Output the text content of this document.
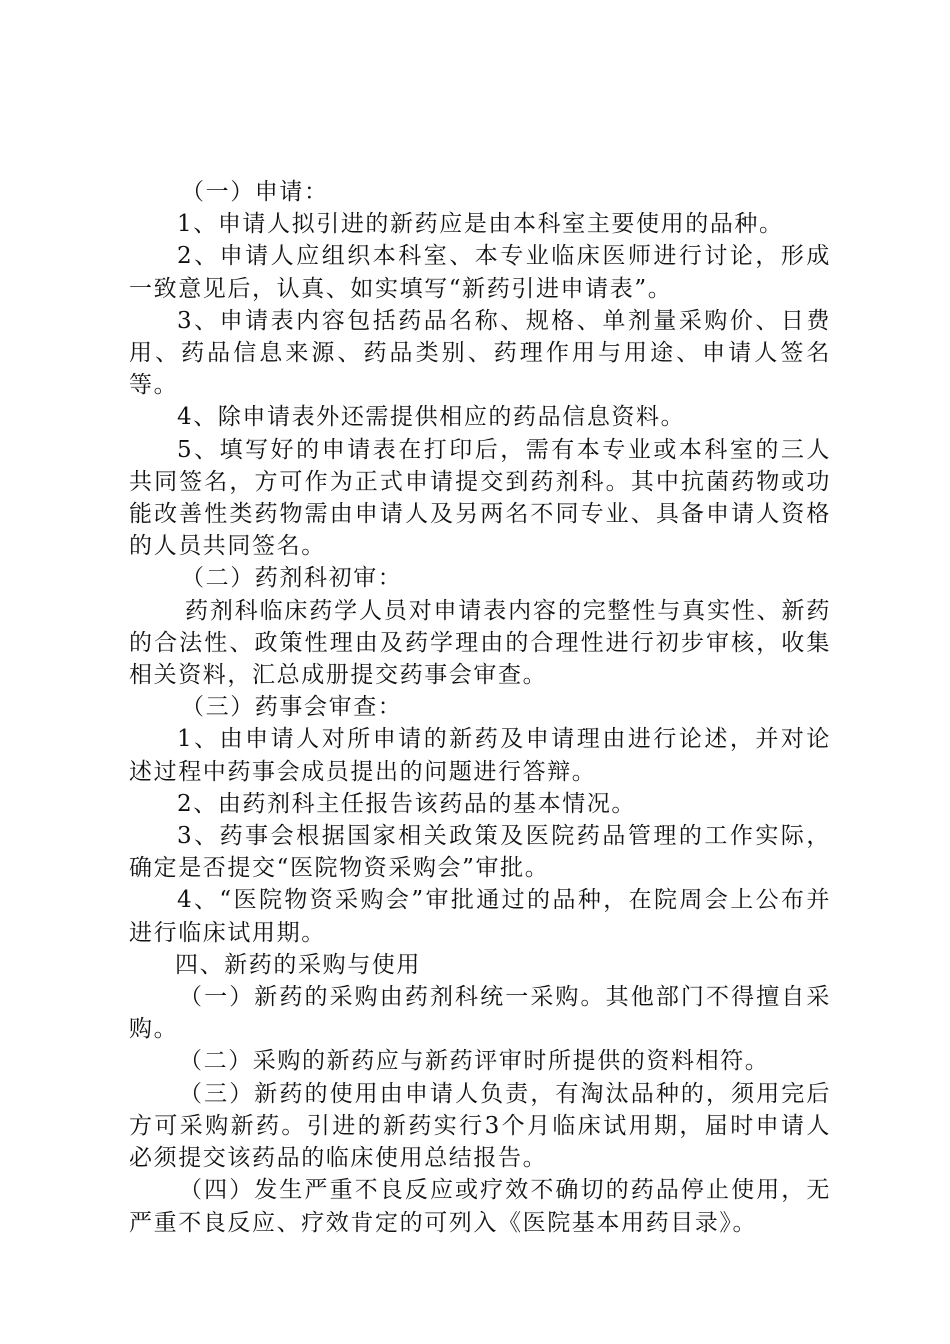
（一）申请：

1、申请人拟引进的新药应是由本科室主要使用的品种。

2、申请人应组织本科室、本专业临床医师进行讨论，形成一致意见后，认真、如实填写“新药引进申请表”。

3、申请表内容包括药品名称、规格、单剂量采购价、日费用、药品信息来源、药品类别、药理作用与用途、申请人签名等。

4、除申请表外还需提供相应的药品信息资料。

5、填写好的申请表在打印后，需有本专业或本科室的三人共同签名，方可作为正式申请提交到药剂科。其中抗菌药物或功能改善性类药物需由申请人及另两名不同专业、具备申请人资格的人员共同签名。

（二）药剂科初审：

药剂科临床药学人员对申请表内容的完整性与真实性、新药的合法性、政策性理由及药学理由的合理性进行初步审核，收集相关资料，汇总成册提交药事会审查。

（三）药事会审查：

1、由申请人对所申请的新药及申请理由进行论述，并对论述过程中药事会成员提出的问题进行答辩。

2、由药剂科主任报告该药品的基本情况。

3、药事会根据国家相关政策及医院药品管理的工作实际，确定是否提交“医院物资采购会”审批。

4、“医院物资采购会”审批通过的品种，在院周会上公布并进行临床试用期。

四、新药的采购与使用

（一）新药的采购由药剂科统一采购。其他部门不得擅自采购。

（二）采购的新药应与新药评审时所提供的资料相符。

（三）新药的使用由申请人负责，有淘汰品种的，须用完后方可采购新药。引进的新药实行3个月临床试用期，届时申请人必须提交该药品的临床使用总结报告。

（四）发生严重不良反应或疗效不确切的药品停止使用，无严重不良反应、疗效肯定的可列入《医院基本用药目录》。
